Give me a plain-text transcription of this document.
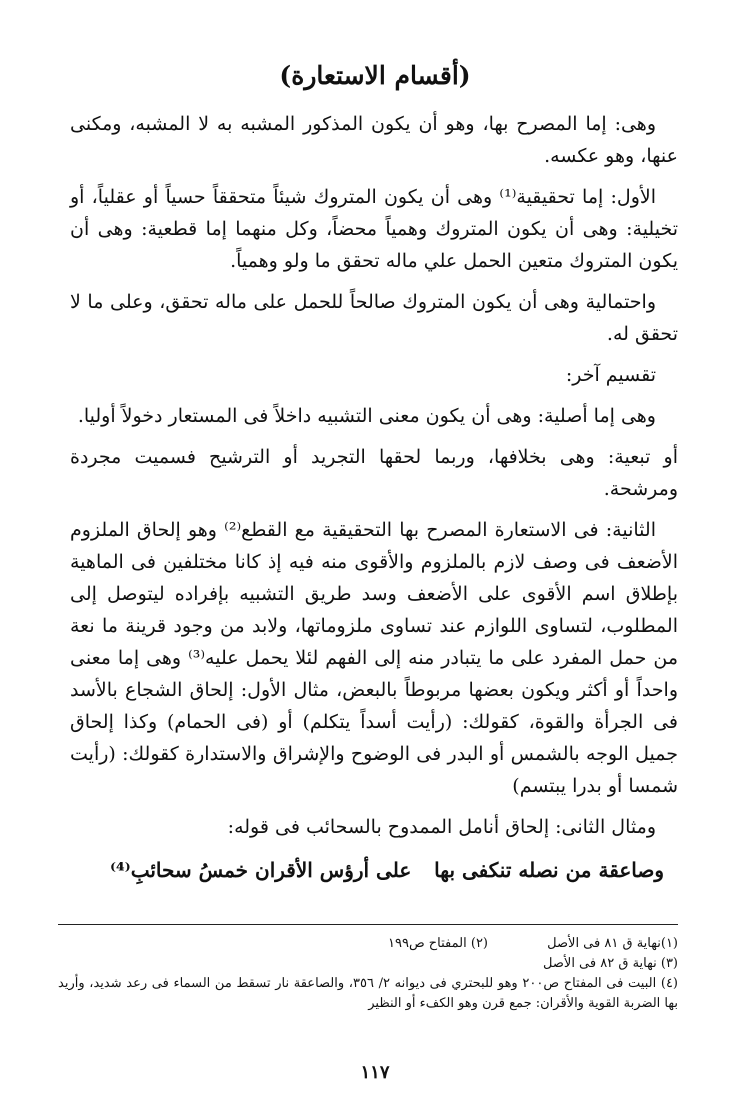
(أقسام الاستعارة)

وهى: إما المصرح بها، وهو أن يكون المذكور المشبه به لا المشبه، ومكنى عنها، وهو عكسه.

الأول: إما تحقيقية⁽¹⁾ وهى أن يكون المتروك شيئاً متحققاً حسياً أو عقلياً، أو تخيلية: وهى أن يكون المتروك وهمياً محضاً، وكل منهما إما قطعية: وهى أن يكون المتروك متعين الحمل علي ماله تحقق ما ولو وهمياً.

واحتمالية وهى أن يكون المتروك صالحاً للحمل على ماله تحقق، وعلى ما لا تحقق له.

تقسيم آخر:

وهى إما أصلية: وهى أن يكون معنى التشبيه داخلاً فى المستعار دخولاً أوليا.

أو تبعية: وهى بخلافها، وربما لحقها التجريد أو الترشيح فسميت مجردة ومرشحة.

الثانية: فى الاستعارة المصرح بها التحقيقية مع القطع⁽²⁾ وهو إلحاق الملزوم الأضعف فى وصف لازم بالملزوم والأقوى منه فيه إذ كانا مختلفين فى الماهية بإطلاق اسم الأقوى على الأضعف وسد طريق التشبيه بإفراده ليتوصل إلى المطلوب، لتساوى اللوازم عند تساوى ملزوماتها، ولابد من وجود قرينة ما نعة من حمل المفرد على ما يتبادر منه إلى الفهم لئلا يحمل عليه⁽³⁾ وهى إما معنى واحداً أو أكثر ويكون بعضها مربوطاً بالبعض، مثال الأول: إلحاق الشجاع بالأسد فى الجرأة والقوة، كقولك: (رأيت أسداً يتكلم) أو (فى الحمام) وكذا إلحاق جميل الوجه بالشمس أو البدر فى الوضوح والإشراق والاستدارة كقولك: (رأيت شمسا أو بدرا يبتسم)

ومثال الثانى: إلحاق أنامل الممدوح بالسحائب فى قوله:

وصاعقة من نصله تنكفى بها
على أرؤس الأقران خمسُ سحائبِ⁽⁴⁾
(١)نهاية ق ٨١ فى الأصل
(٢) المفتاح ص١٩٩
(٣) نهاية ق ٨٢ فى الأصل
(٤) البيت فى المفتاح ص٢٠٠ وهو للبحتري فى ديوانه ٢/ ٣٥٦، والصاعقة نار تسقط من السماء فى رعد شديد، وأريد بها الضربة القوية والأقران: جمع قرن وهو الكفء أو النظير
١١٧
